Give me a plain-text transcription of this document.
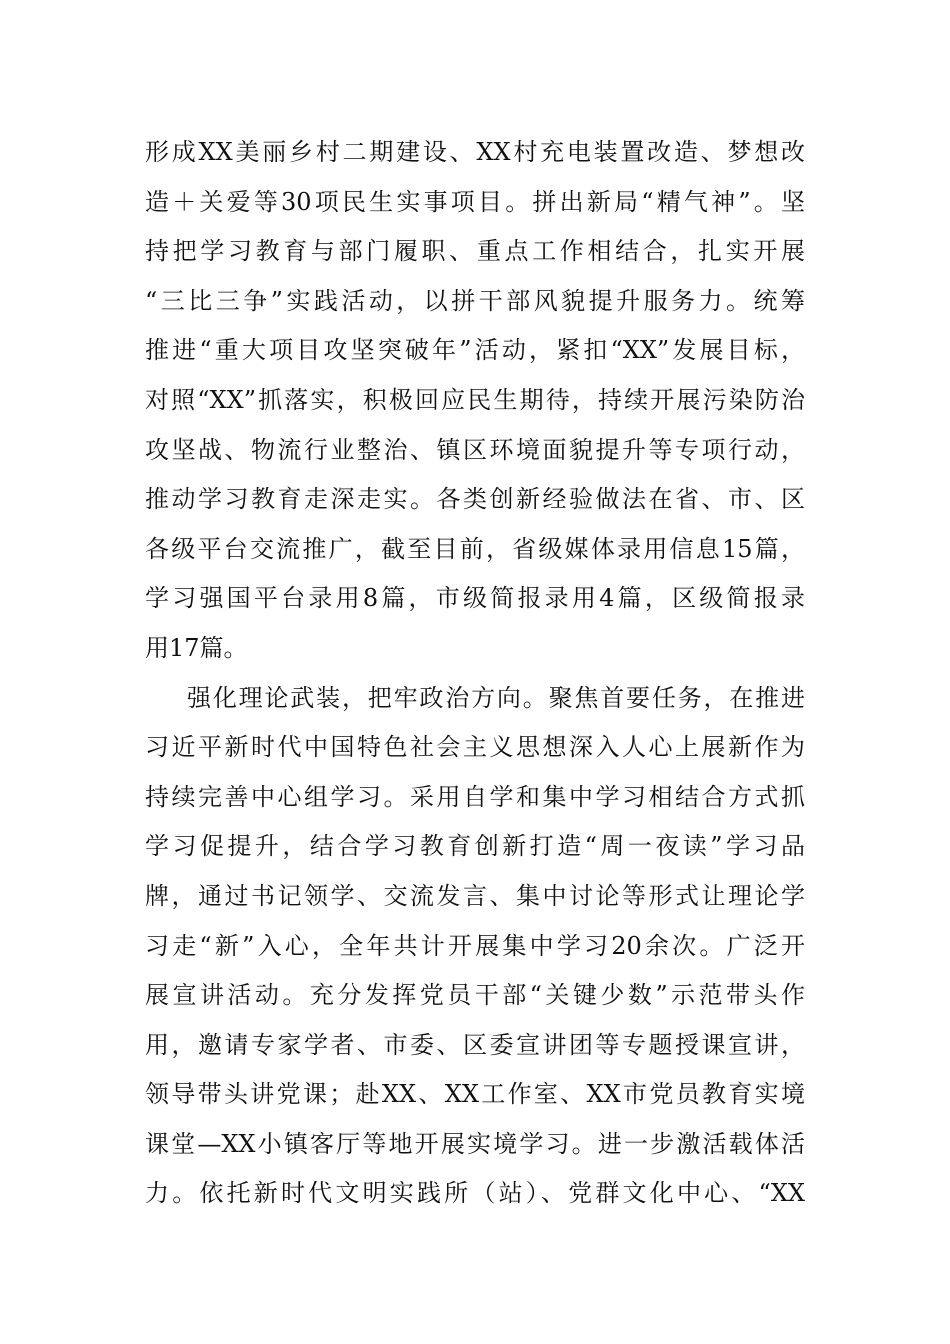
形成XX美丽乡村二期建设、XX村充电装置改造、梦想改
造＋关爱等30项民生实事项目。拼出新局“精气神”。坚
持把学习教育与部门履职、重点工作相结合，扎实开展
“三比三争”实践活动，以拼干部风貌提升服务力。统筹
推进“重大项目攻坚突破年”活动，紧扣“XX”发展目标，
对照“XX”抓落实，积极回应民生期待，持续开展污染防治
攻坚战、物流行业整治、镇区环境面貌提升等专项行动，
推动学习教育走深走实。各类创新经验做法在省、市、区
各级平台交流推广，截至目前，省级媒体录用信息15篇，
学习强国平台录用8篇，市级简报录用4篇，区级简报录
用17篇。
强化理论武装，把牢政治方向。聚焦首要任务，在推进
习近平新时代中国特色社会主义思想深入人心上展新作为
持续完善中心组学习。采用自学和集中学习相结合方式抓
学习促提升，结合学习教育创新打造“周一夜读”学习品
牌，通过书记领学、交流发言、集中讨论等形式让理论学
习走“新”入心，全年共计开展集中学习20余次。广泛开
展宣讲活动。充分发挥党员干部“关键少数”示范带头作
用，邀请专家学者、市委、区委宣讲团等专题授课宣讲，
领导带头讲党课；赴XX、XX工作室、XX市党员教育实境
课堂—XX小镇客厅等地开展实境学习。进一步激活载体活
力。依托新时代文明实践所（站）、党群文化中心、“XX
